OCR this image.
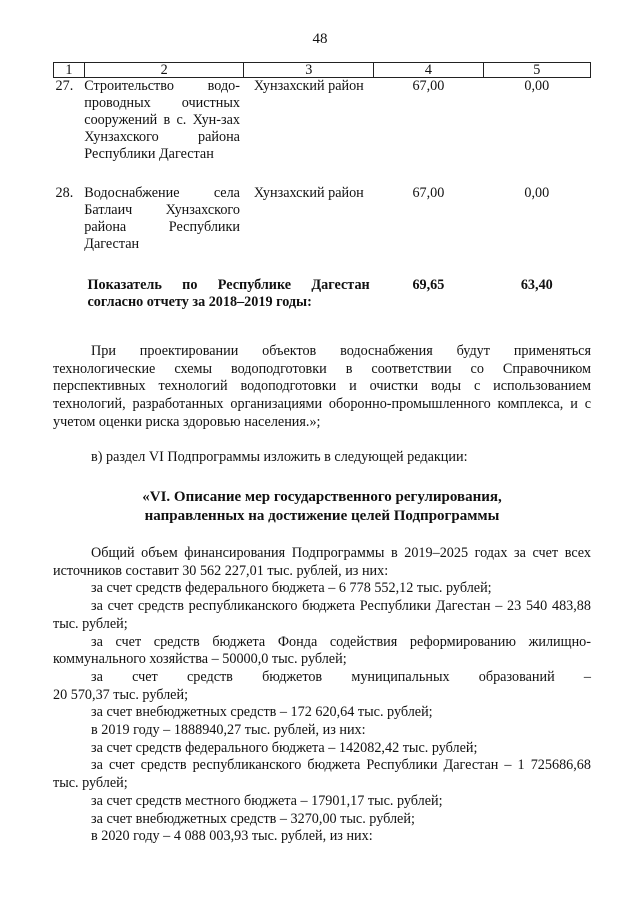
48
1	2	3	4	5
27.	Строительство водо-проводных очистных сооружений в с. Хун-зах Хунзахского района Республики Дагестан	Хунзахский район	67,00	0,00

28.	Водоснабжение села Батлаич Хунзахского района Республики Дагестан	Хунзахский район	67,00	0,00

Показатель по Республике Дагестан согласно отчету за 2018–2019 годы:			69,65	63,40

При проектировании объектов водоснабжения будут применяться технологические схемы водоподготовки в соответствии со Справочником перспективных технологий водоподготовки и очистки воды с использованием технологий, разработанных организациями оборонно-промышленного комплекса, и с учетом оценки риска здоровью населения.»;

в) раздел VI Подпрограммы изложить в следующей редакции:

«VI. Описание мер государственного регулирования,
направленных на достижение целей Подпрограммы

Общий объем финансирования Подпрограммы в 2019–2025 годах за счет всех источников составит 30 562 227,01 тыс. рублей, из них:

за счет средств федерального бюджета – 6 778 552,12 тыс. рублей;

за счет средств республиканского бюджета Республики Дагестан – 23 540 483,88 тыс. рублей;

за счет средств бюджета Фонда содействия реформированию жилищно-коммунального хозяйства – 50000,0 тыс. рублей;

за счет средств бюджетов муниципальных образований –

20 570,37 тыс. рублей;

за счет внебюджетных средств – 172 620,64 тыс. рублей;

в 2019 году – 1888940,27 тыс. рублей, из них:

за счет средств федерального бюджета – 142082,42 тыс. рублей;

за счет средств республиканского бюджета Республики Дагестан – 1 725686,68 тыс. рублей;

за счет средств местного бюджета – 17901,17 тыс. рублей;

за счет внебюджетных средств – 3270,00 тыс. рублей;

в 2020 году – 4 088 003,93 тыс. рублей, из них:
